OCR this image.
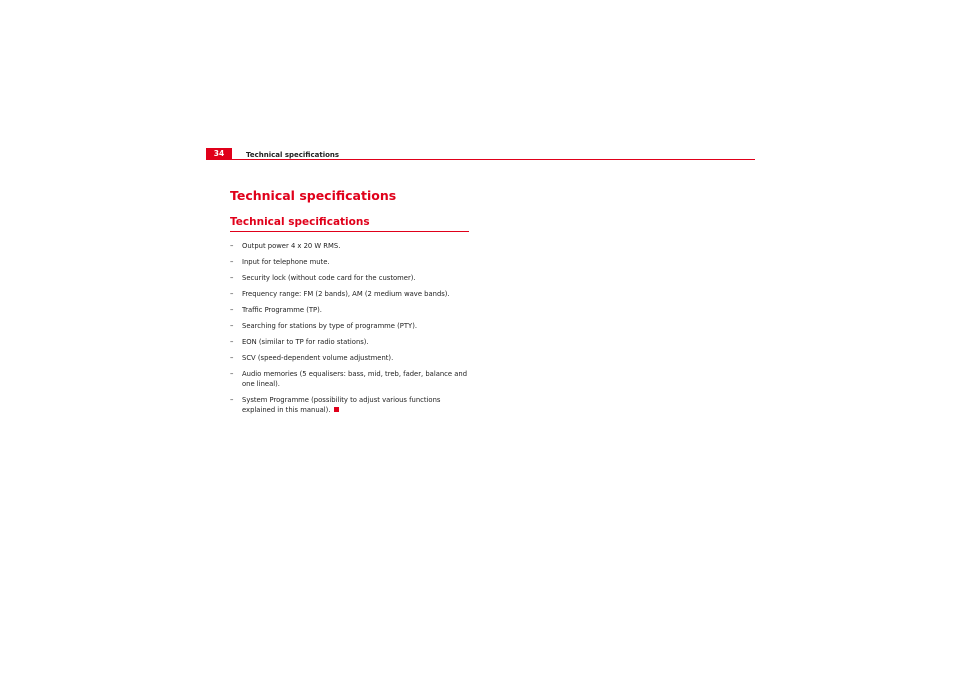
34	Technical specifications
Technical specifications
Technical specifications
– Output power 4 x 20 W RMS.
– Input for telephone mute.
– Security lock (without code card for the customer).
– Frequency range: FM (2 bands), AM (2 medium wave bands).
– Traffic Programme (TP).
– Searching for stations by type of programme (PTY).
– EON (similar to TP for radio stations).
– SCV (speed-dependent volume adjustment).
– Audio memories (5 equalisers: bass, mid, treb, fader, balance and one lineal).
– System Programme (possibility to adjust various functions explained in this manual).
